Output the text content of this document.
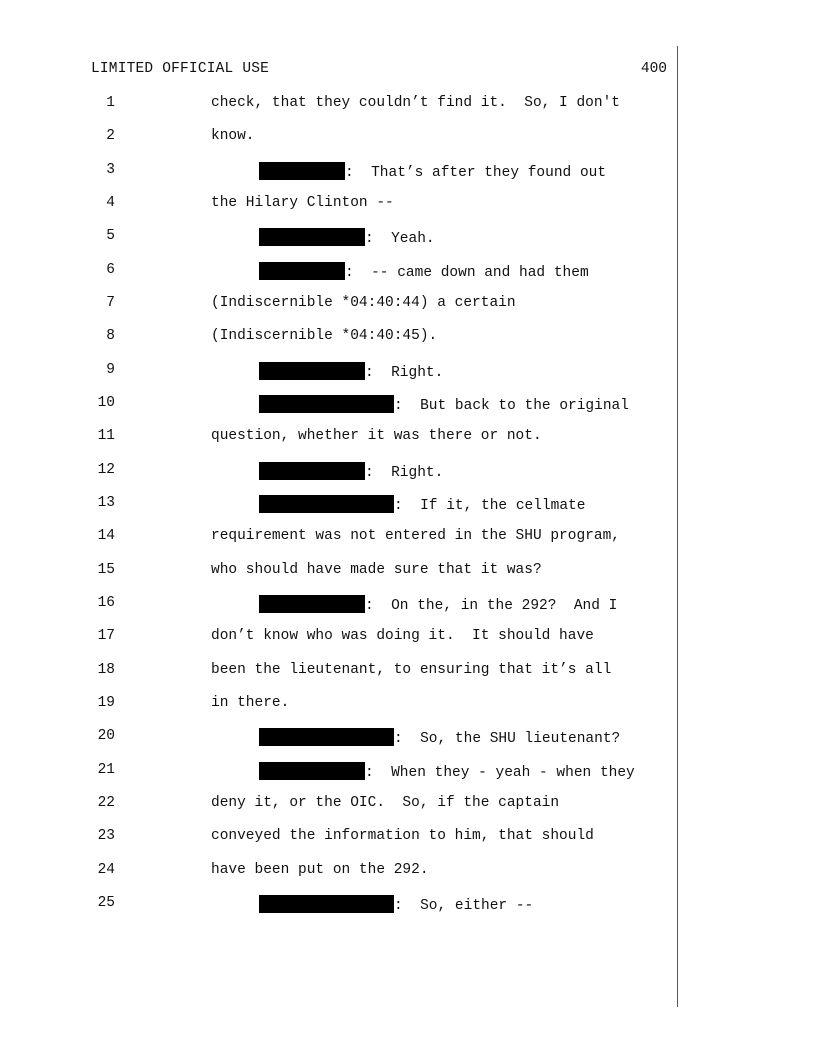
LIMITED OFFICIAL USE	400

1

	check, that they couldn’t find it.  So, I don't

2

	know.

3

	:  That’s after they found out

4

	the Hilary Clinton --

5

	:  Yeah.

6

	:  -- came down and had them

7

	(Indiscernible *04:40:44) a certain

8

	(Indiscernible *04:40:45).

9

	:  Right.

10

	:  But back to the original

11

	question, whether it was there or not.

12

	:  Right.

13

	:  If it, the cellmate

14

	requirement was not entered in the SHU program,

15

	who should have made sure that it was?

16

	:  On the, in the 292?  And I

17

	don’t know who was doing it.  It should have

18

	been the lieutenant, to ensuring that it’s all

19

	in there.

20

	:  So, the SHU lieutenant?

21

	:  When they - yeah - when they

22

	deny it, or the OIC.  So, if the captain

23

	conveyed the information to him, that should

24

	have been put on the 292.

25

	:  So, either --
